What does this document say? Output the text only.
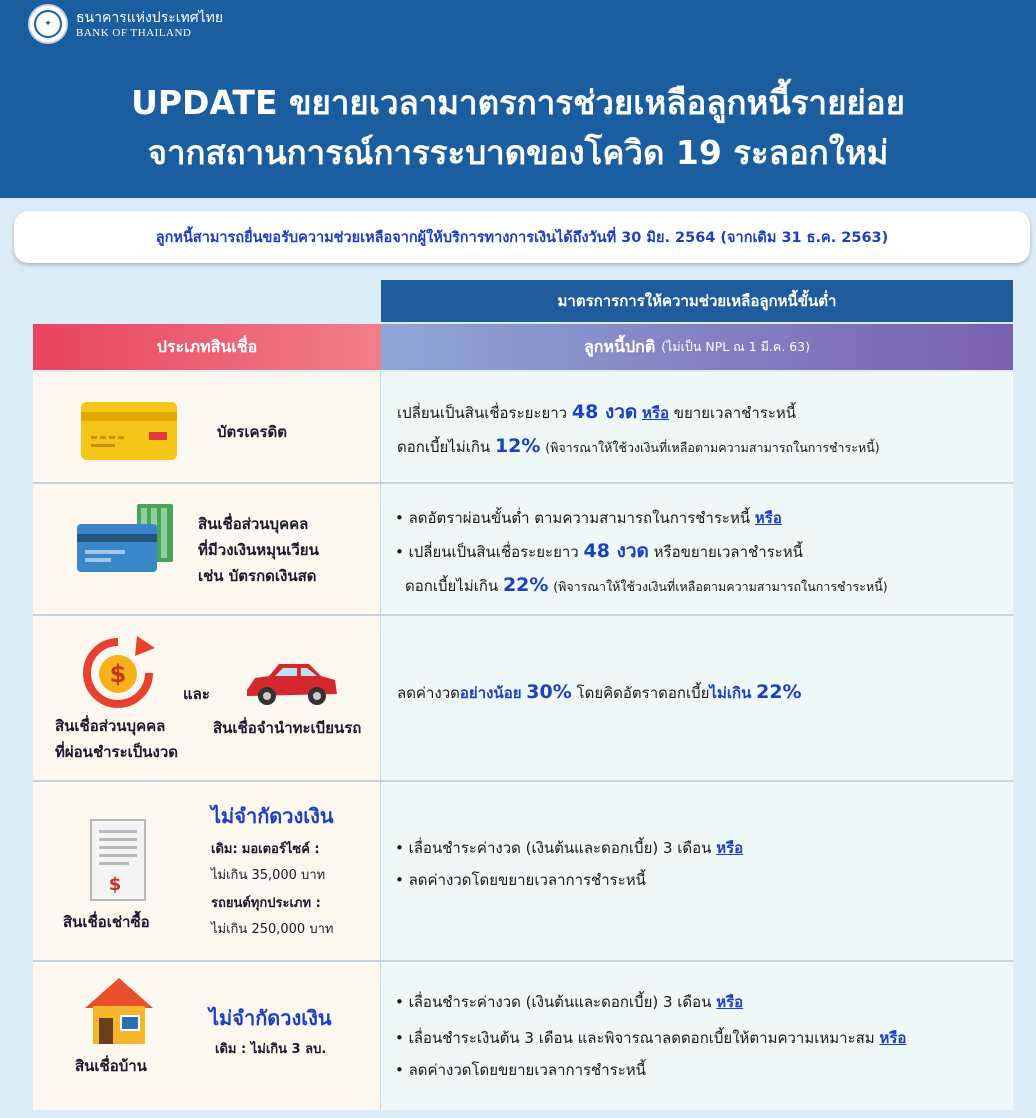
✦ ธนาคารแห่งประเทศไทย
BANK OF THAILAND
UPDATE ขยายเวลามาตรการช่วยเหลือลูกหนี้รายย่อย
จากสถานการณ์การระบาดของโควิด 19 ระลอกใหม่
ลูกหนี้สามารถยื่นขอรับความช่วยเหลือจากผู้ให้บริการทางการเงินได้ถึงวันที่ 30 มิย. 2564 (จากเดิม 31 ธ.ค. 2563)
มาตรการการให้ความช่วยเหลือลูกหนี้ขั้นต่ำ
ประเภทสินเชื่อ	ลูกหนี้ปกติ (ไม่เป็น NPL ณ 1 มี.ค. 63)
บัตรเครดิต
เปลี่ยนเป็นสินเชื่อระยะยาว 48 งวด หรือ ขยายเวลาชำระหนี้
ดอกเบี้ยไม่เกิน 12% (พิจารณาให้ใช้วงเงินที่เหลือตามความสามารถในการชำระหนี้)
สินเชื่อส่วนบุคคล
ที่มีวงเงินหมุนเวียน
เช่น บัตรกดเงินสด
• ลดอัตราผ่อนขั้นต่ำ ตามความสามารถในการชำระหนี้ หรือ
• เปลี่ยนเป็นสินเชื่อระยะยาว 48 งวด หรือขยายเวลาชำระหนี้
ดอกเบี้ยไม่เกิน 22% (พิจารณาให้ใช้วงเงินที่เหลือตามความสามารถในการชำระหนี้)
$
และ
สินเชื่อส่วนบุคคล
ที่ผ่อนชำระเป็นงวด
สินเชื่อจำนำทะเบียนรถ
ลดค่างวดอย่างน้อย 30% โดยคิดอัตราดอกเบี้ยไม่เกิน 22%
$
ไม่จำกัดวงเงิน
เดิม: มอเตอร์ไซค์ :
ไม่เกิน 35,000 บาท
รถยนต์ทุกประเภท :
ไม่เกิน 250,000 บาท
สินเชื่อเช่าซื้อ
• เลื่อนชำระค่างวด (เงินต้นและดอกเบี้ย) 3 เดือน หรือ
• ลดค่างวดโดยขยายเวลาการชำระหนี้
ไม่จำกัดวงเงิน
เดิม : ไม่เกิน 3 ลบ.
สินเชื่อบ้าน
• เลื่อนชำระค่างวด (เงินต้นและดอกเบี้ย) 3 เดือน หรือ
• เลื่อนชำระเงินต้น 3 เดือน และพิจารณาลดดอกเบี้ยให้ตามความเหมาะสม หรือ
• ลดค่างวดโดยขยายเวลาการชำระหนี้
